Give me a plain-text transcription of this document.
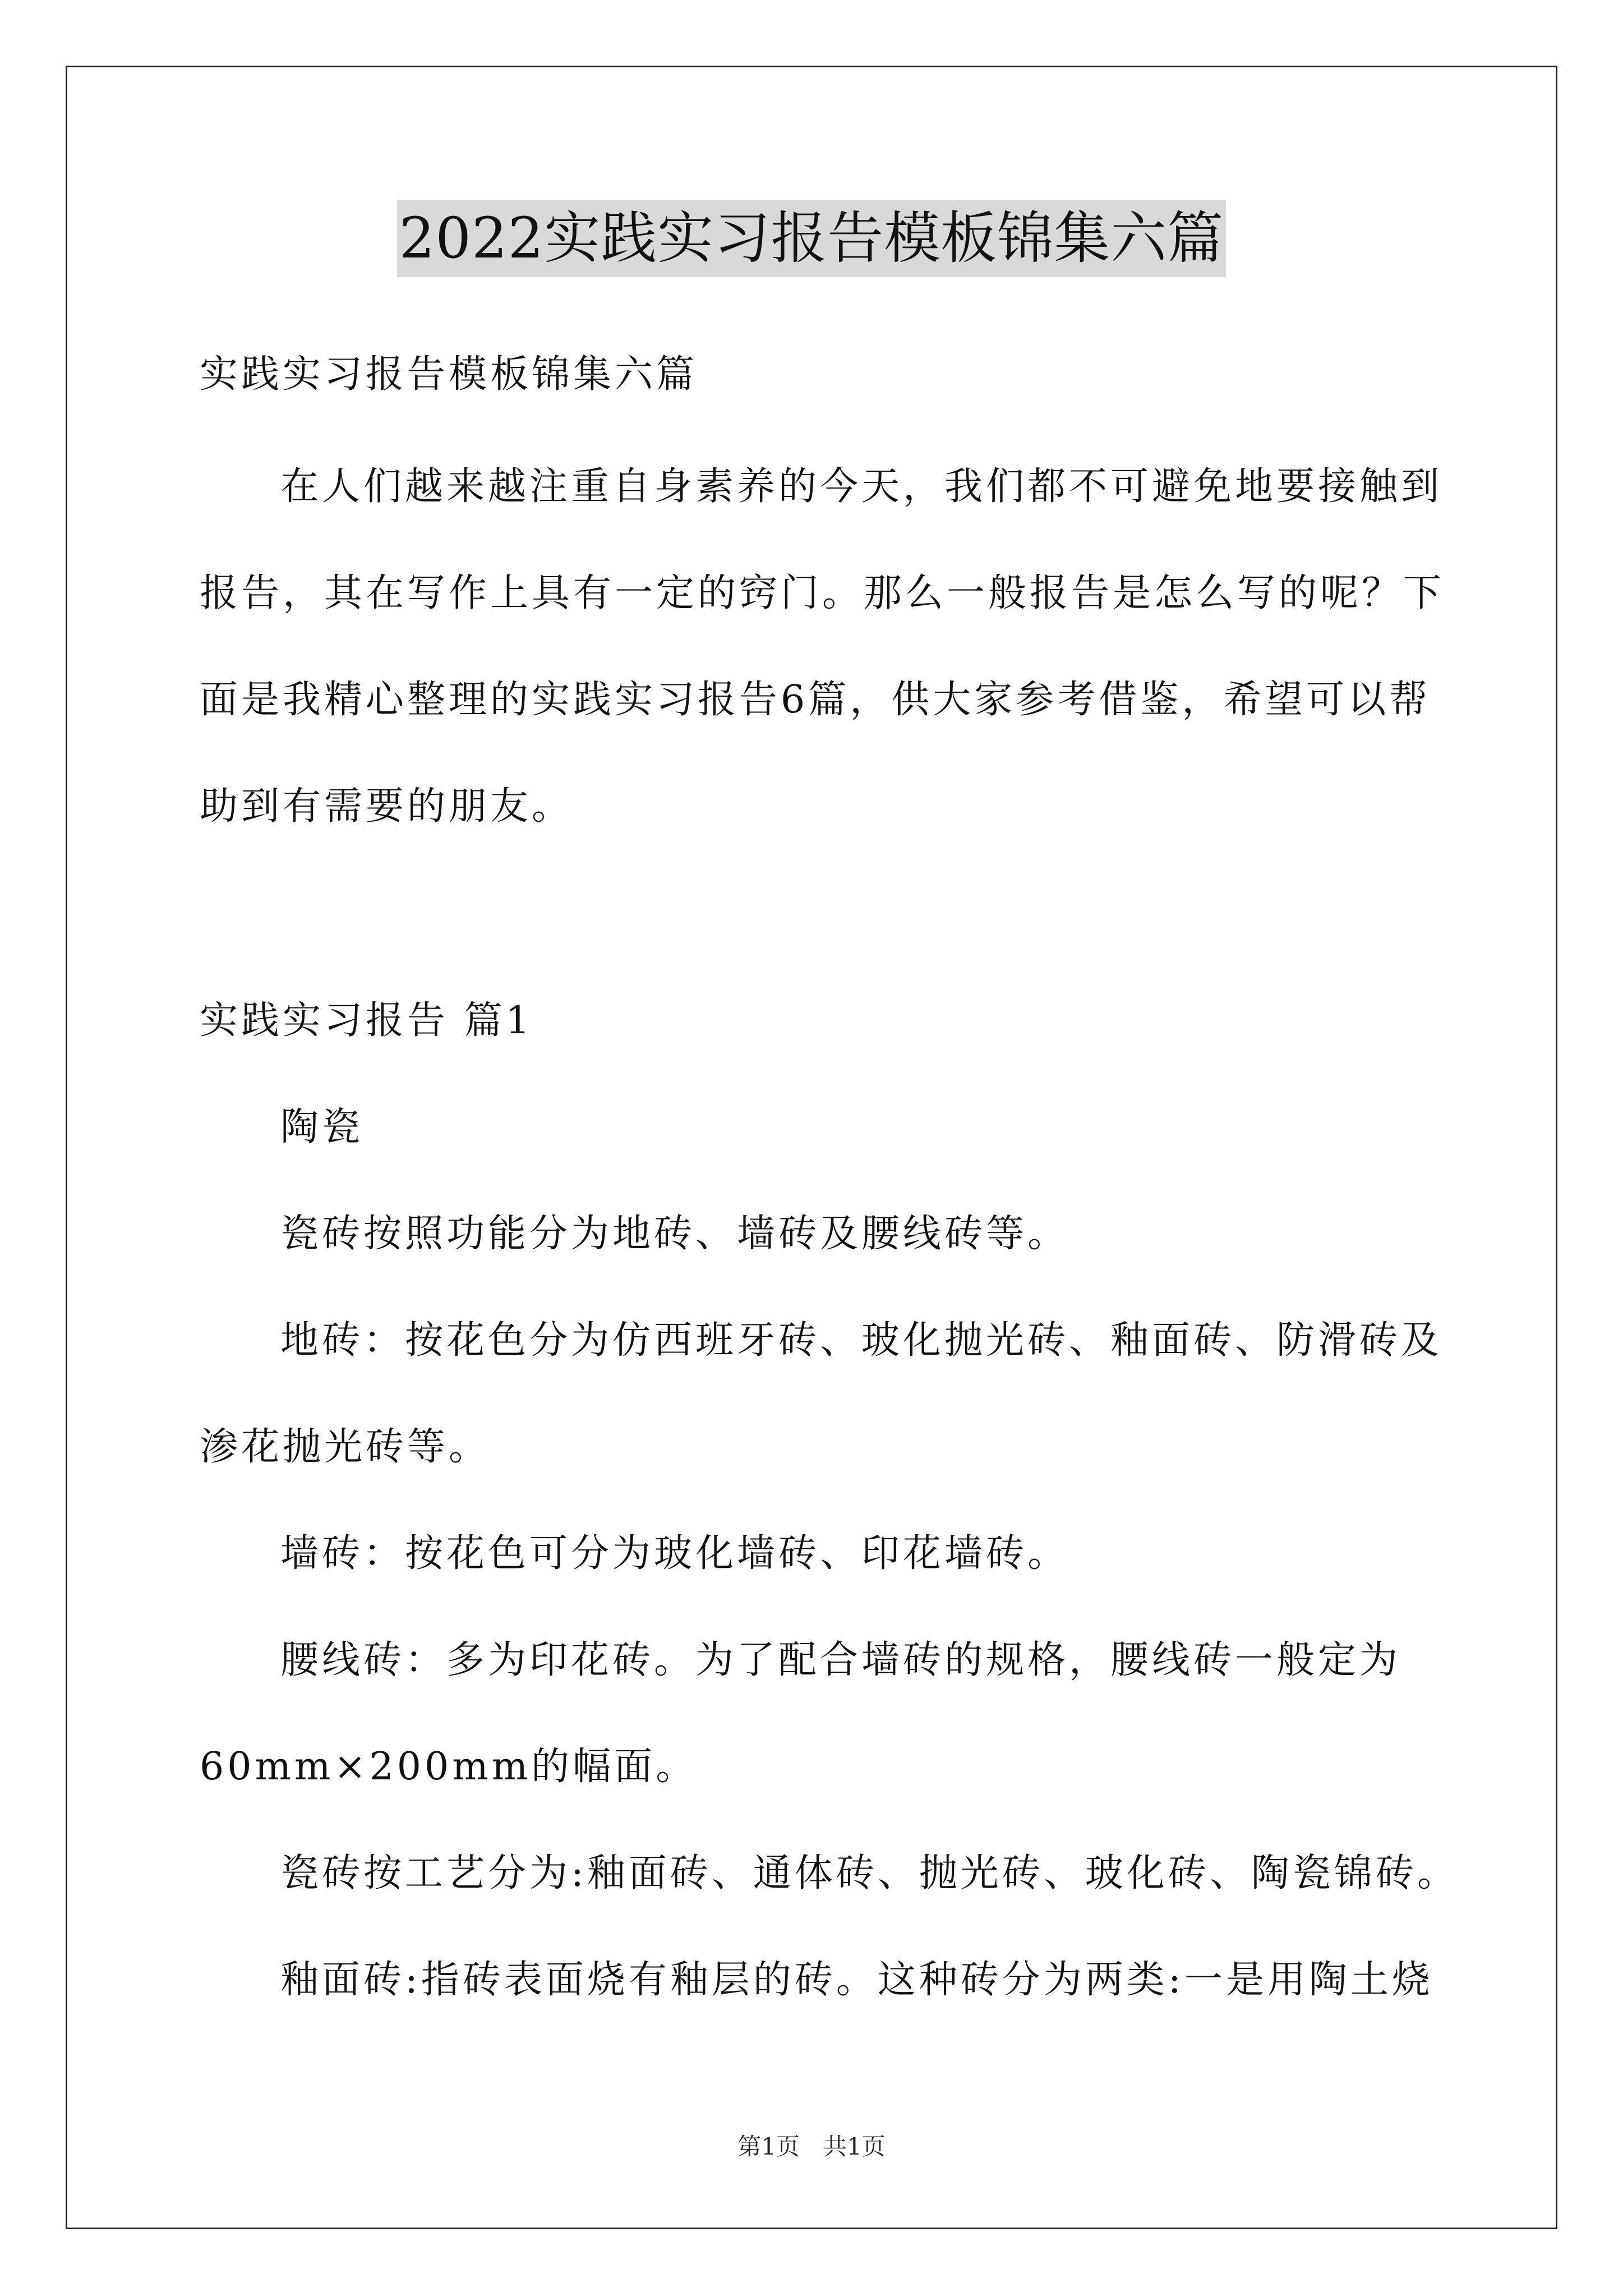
2022实践实习报告模板锦集六篇
实践实习报告模板锦集六篇
在人们越来越注重自身素养的今天，我们都不可避免地要接触到
报告，其在写作上具有一定的窍门。那么一般报告是怎么写的呢？下
面是我精心整理的实践实习报告6篇，供大家参考借鉴，希望可以帮
助到有需要的朋友。
实践实习报告 篇1
陶瓷
瓷砖按照功能分为地砖、墙砖及腰线砖等。
地砖：按花色分为仿西班牙砖、玻化抛光砖、釉面砖、防滑砖及
渗花抛光砖等。
墙砖：按花色可分为玻化墙砖、印花墙砖。
腰线砖：多为印花砖。为了配合墙砖的规格，腰线砖一般定为
60mm×200mm的幅面。
瓷砖按工艺分为:釉面砖、通体砖、抛光砖、玻化砖、陶瓷锦砖。
釉面砖:指砖表面烧有釉层的砖。这种砖分为两类:一是用陶土烧
第1页　共1页
